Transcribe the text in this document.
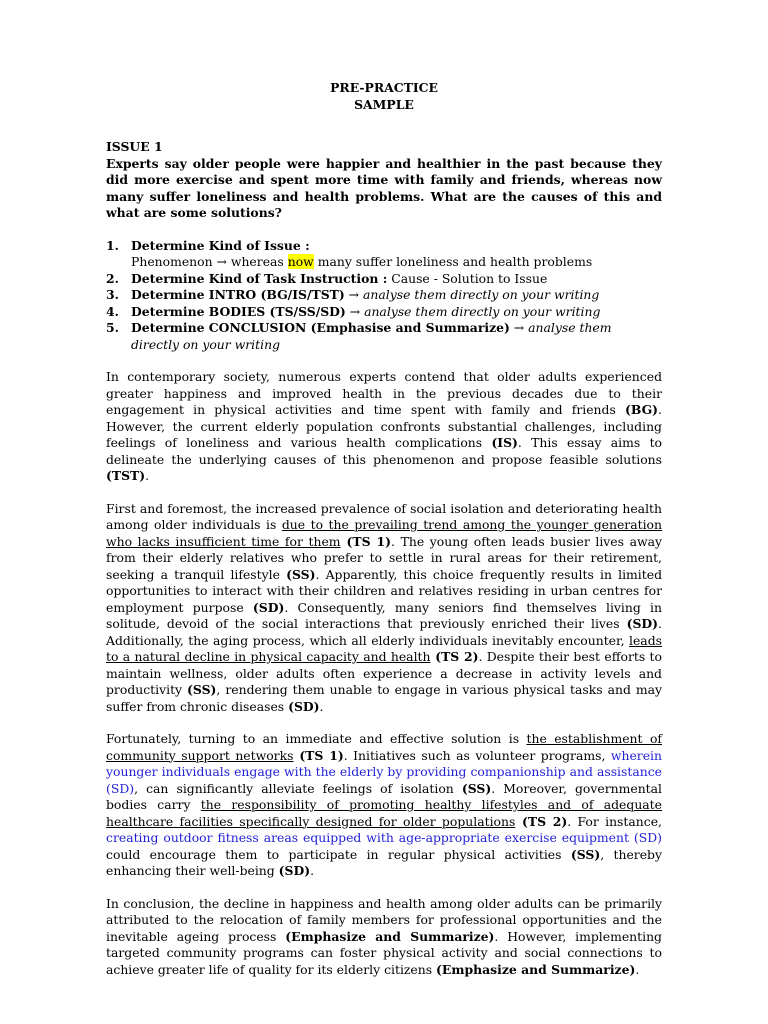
PRE-PRACTICE

SAMPLE

ISSUE 1

Experts say older people were happier and healthier in the past because they did more exercise and spent more time with family and friends, whereas now many suffer loneliness and health problems. What are the causes of this and what are some solutions?

1. Determine Kind of Issue :
Phenomenon → whereas now many suffer loneliness and health problems
2. Determine Kind of Task Instruction : Cause - Solution to Issue
3. Determine INTRO (BG/IS/TST) → analyse them directly on your writing
4. Determine BODIES (TS/SS/SD) → analyse them directly on your writing
5. Determine CONCLUSION (Emphasise and Summarize) → analyse them directly on your writing

In contemporary society, numerous experts contend that older adults experienced greater happiness and improved health in the previous decades due to their engagement in physical activities and time spent with family and friends (BG). However, the current elderly population confronts substantial challenges, including feelings of loneliness and various health complications (IS). This essay aims to delineate the underlying causes of this phenomenon and propose feasible solutions (TST).

First and foremost, the increased prevalence of social isolation and deteriorating health among older individuals is due to the prevailing trend among the younger generation who lacks insufficient time for them (TS 1). The young often leads busier lives away from their elderly relatives who prefer to settle in rural areas for their retirement, seeking a tranquil lifestyle (SS). Apparently, this choice frequently results in limited opportunities to interact with their children and relatives residing in urban centres for employment purpose (SD). Consequently, many seniors find themselves living in solitude, devoid of the social interactions that previously enriched their lives (SD). Additionally, the aging process, which all elderly individuals inevitably encounter, leads to a natural decline in physical capacity and health (TS 2). Despite their best efforts to maintain wellness, older adults often experience a decrease in activity levels and productivity (SS), rendering them unable to engage in various physical tasks and may suffer from chronic diseases (SD).

Fortunately, turning to an immediate and effective solution is the establishment of community support networks (TS 1). Initiatives such as volunteer programs, wherein younger individuals engage with the elderly by providing companionship and assistance (SD), can significantly alleviate feelings of isolation (SS). Moreover, governmental bodies carry the responsibility of promoting healthy lifestyles and of adequate healthcare facilities specifically designed for older populations (TS 2). For instance, creating outdoor fitness areas equipped with age-appropriate exercise equipment (SD) could encourage them to participate in regular physical activities (SS), thereby enhancing their well-being (SD).

In conclusion, the decline in happiness and health among older adults can be primarily attributed to the relocation of family members for professional opportunities and the inevitable ageing process (Emphasize and Summarize). However, implementing targeted community programs can foster physical activity and social connections to achieve greater life of quality for its elderly citizens (Emphasize and Summarize).
